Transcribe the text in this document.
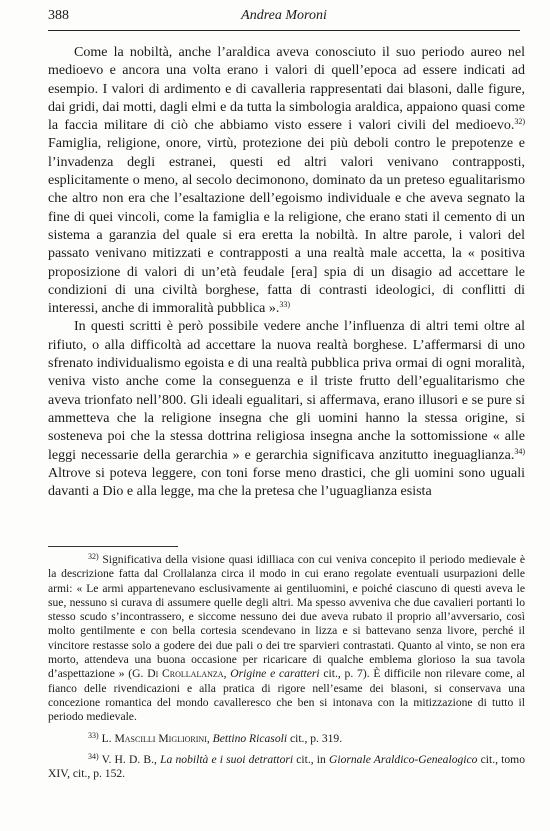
388	Andrea Moroni

Come la nobiltà, anche l’araldica aveva conosciuto il suo periodo aureo nel medioevo e ancora una volta erano i valori di quell’epoca ad essere indicati ad esempio. I valori di ardimento e di cavalleria rappresentati dai blasoni, dalle figure, dai gridi, dai motti, dagli elmi e da tutta la simbologia araldica, appaiono quasi come la faccia militare di ciò che abbiamo visto essere i valori civili del medioevo.$^{32)}$ Famiglia, religione, onore, virtù, protezione dei più deboli contro le prepotenze e l’invadenza degli estranei, questi ed altri valori venivano contrapposti, esplicitamente o meno, al secolo decimonono, dominato da un preteso egualitarismo che altro non era che l’esaltazione dell’egoismo individuale e che aveva segnato la fine di quei vincoli, come la famiglia e la religione, che erano stati il cemento di un sistema a garanzia del quale si era eretta la nobiltà. In altre parole, i valori del passato venivano mitizzati e contrapposti a una realtà male accetta, la « positiva proposizione di valori di un’età feudale [era] spia di un disagio ad accettare le condizioni di una civiltà borghese, fatta di contrasti ideologici, di conflitti di interessi, anche di immoralità pubblica ».$^{33)}$

In questi scritti è però possibile vedere anche l’influenza di altri temi oltre al rifiuto, o alla difficoltà ad accettare la nuova realtà borghese. L’affermarsi di uno sfrenato individualismo egoista e di una realtà pubblica priva ormai di ogni moralità, veniva visto anche come la conseguenza e il triste frutto dell’egualitarismo che aveva trionfato nell’800. Gli ideali egualitari, si affermava, erano illusori e se pure si ammetteva che la religione insegna che gli uomini hanno la stessa origine, si sosteneva poi che la stessa dottrina religiosa insegna anche la sottomissione « alle leggi necessarie della gerarchia » e gerarchia significava anzitutto ineguaglianza.$^{34)}$ Altrove si poteva leggere, con toni forse meno drastici, che gli uomini sono uguali davanti a Dio e alla legge, ma che la pretesa che l’uguaglianza esista

$^{32)}$ Significativa della visione quasi idilliaca con cui veniva concepito il periodo medievale è la descrizione fatta dal Crollalanza circa il modo in cui erano regolate eventuali usurpazioni delle armi: « Le armi appartenevano esclusivamente ai gentiluomini, e poiché ciascuno di questi aveva le sue, nessuno si curava di assumere quelle degli altri. Ma spesso avveniva che due cavalieri portanti lo stesso scudo s’incontrassero, e siccome nessuno dei due aveva rubato il proprio all’avversario, così molto gentilmente e con bella cortesia scendevano in lizza e si battevano senza livore, perché il vincitore restasse solo a godere dei due pali o dei tre sparvieri contrastati. Quanto al vinto, se non era morto, attendeva una buona occasione per ricaricare di qualche emblema glorioso la sua tavola d’aspettazione » (G. Di Crollalanza, Origine e caratteri cit., p. 7). È difficile non rilevare come, al fianco delle rivendicazioni e alla pratica di rigore nell’esame dei blasoni, si conservava una concezione romantica del mondo cavalleresco che ben si intonava con la mitizzazione di tutto il periodo medievale.

$^{33)}$ L. Mascilli Migliorini, Bettino Ricasoli cit., p. 319.

$^{34)}$ V. H. D. B., La nobiltà e i suoi detrattori cit., in Giornale Araldico-Genealogico cit., tomo XIV, cit., p. 152.
